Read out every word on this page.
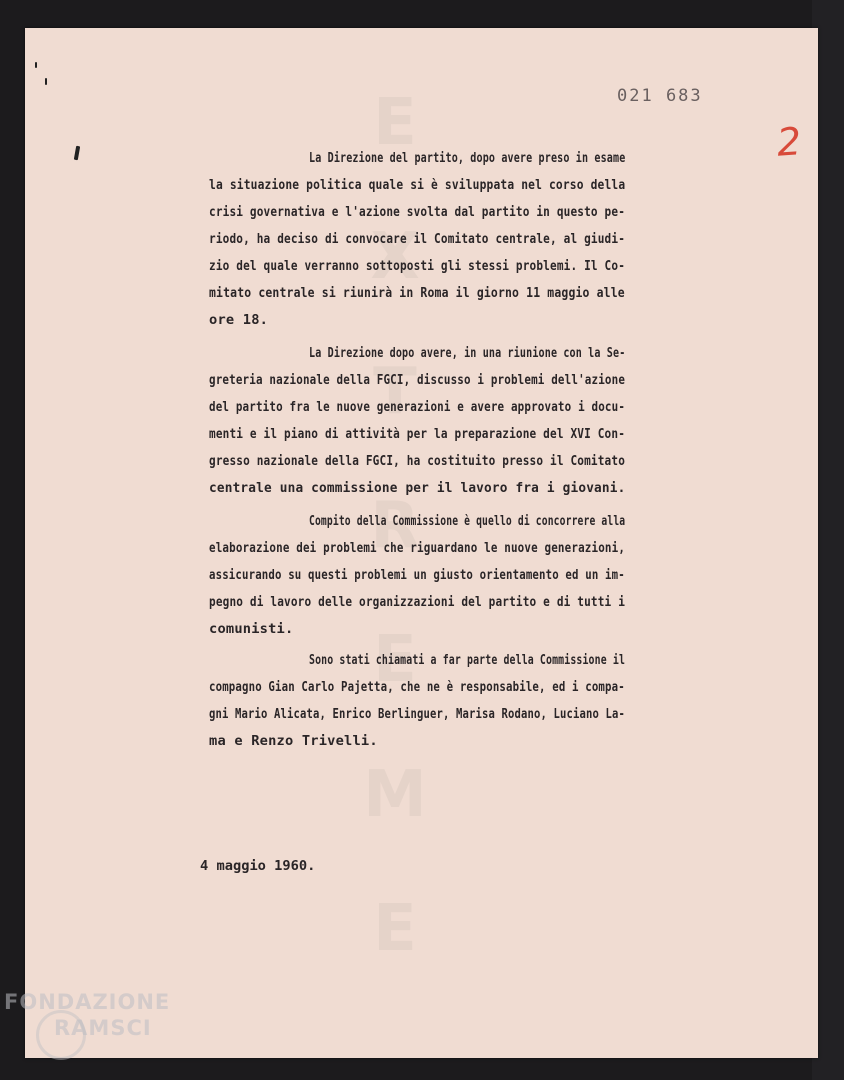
E
X
T
R
E
M
E
021 683
2
La Direzione del partito, dopo avere preso in esame
la situazione politica quale si è sviluppata nel corso della
crisi governativa e l'azione svolta dal partito in questo pe-
riodo, ha deciso di convocare il Comitato centrale, al giudi-
zio del quale verranno sottoposti gli stessi problemi. Il Co-
mitato centrale si riunirà in Roma il giorno 11 maggio alle
ore 18.
La Direzione dopo avere, in una riunione con la Se-
greteria nazionale della FGCI, discusso i problemi dell'azione
del partito fra le nuove generazioni e avere approvato i docu-
menti e il piano di attività per la preparazione del XVI Con-
gresso nazionale della FGCI, ha costituito presso il Comitato
centrale una commissione per il lavoro fra i giovani.
Compito della Commissione è quello di concorrere alla
elaborazione dei problemi che riguardano le nuove generazioni,
assicurando su questi problemi un giusto orientamento ed un im-
pegno di lavoro delle organizzazioni del partito e di tutti i
comunisti.
Sono stati chiamati a far parte della Commissione il
compagno Gian Carlo Pajetta, che ne è responsabile, ed i compa-
gni Mario Alicata, Enrico Berlinguer, Marisa Rodano, Luciano La-
ma e Renzo Trivelli.
4 maggio 1960.
FONDAZIONE
RAMSCI
